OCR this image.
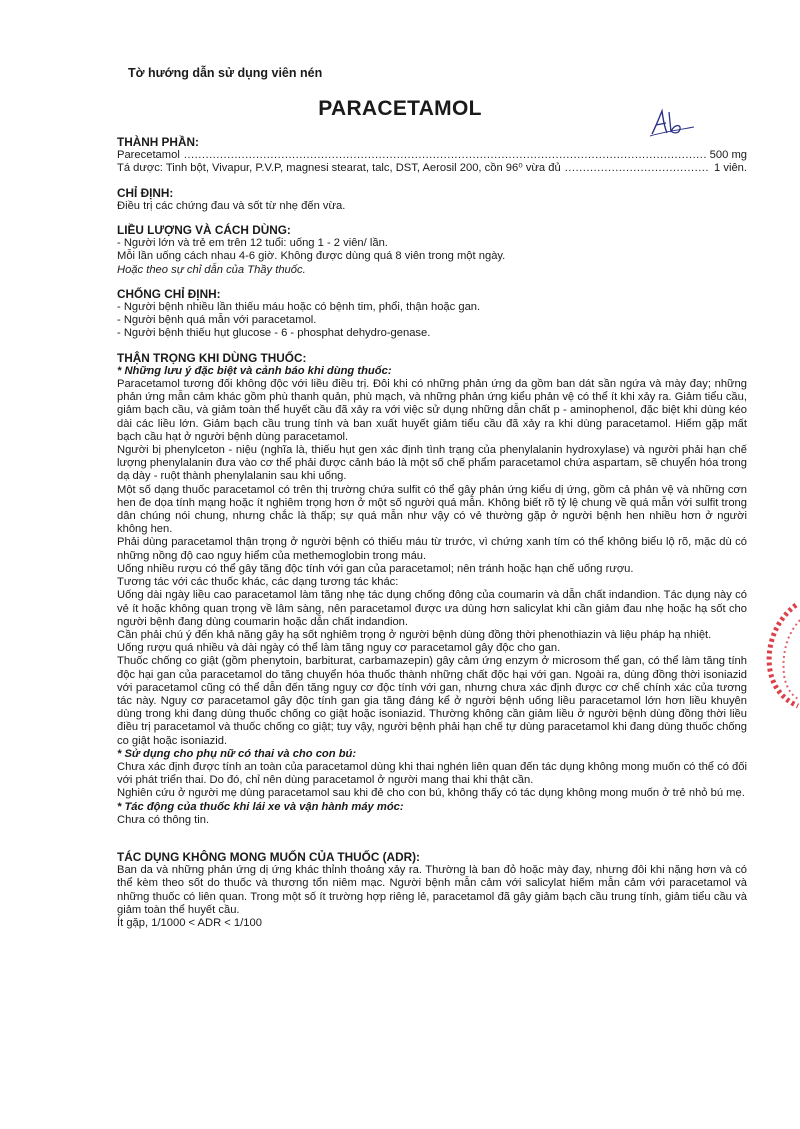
Tờ hướng dẫn sử dụng viên nén
PARACETAMOL
THÀNH PHẦN:
Parecetamol .....	500 mg
Tá dược: Tinh bột, Vivapur, P.V.P, magnesi stearat, talc, DST, Aerosil 200, cồn 96⁰ vừa đủ .....	1 viên.
CHỈ ĐỊNH:

Điều trị các chứng đau và sốt từ nhẹ đến vừa.

LIỀU LƯỢNG VÀ CÁCH DÙNG:

- Người lớn và trẻ em trên 12 tuổi: uống 1 - 2 viên/ lần.

Mỗi lần uống cách nhau 4-6 giờ. Không được dùng quá 8 viên trong một ngày.

Hoặc theo sự chỉ dẫn của Thầy thuốc.

CHỐNG CHỈ ĐỊNH:

- Người bệnh nhiều lần thiếu máu hoặc có bệnh tim, phổi, thận hoặc gan.

- Người bệnh quá mẫn với paracetamol.

- Người bệnh thiếu hụt glucose - 6 - phosphat dehydro-genase.

THẬN TRỌNG KHI DÙNG THUỐC:
* Những lưu ý đặc biệt và cảnh báo khi dùng thuốc:

Paracetamol tương đối không độc với liều điều trị. Đôi khi có những phản ứng da gồm ban dát sần ngứa và mày đay; những phản ứng mẫn cảm khác gồm phù thanh quản, phù mạch, và những phản ứng kiểu phản vệ có thể ít khi xảy ra. Giảm tiểu cầu, giảm bạch cầu, và giảm toàn thể huyết cầu đã xảy ra với việc sử dụng những dẫn chất p - aminophenol, đặc biệt khi dùng kéo dài các liều lớn. Giảm bạch cầu trung tính và ban xuất huyết giảm tiểu cầu đã xảy ra khi dùng paracetamol. Hiếm gặp mất bạch cầu hạt ở người bệnh dùng paracetamol.

Người bị phenylceton - niệu (nghĩa là, thiếu hụt gen xác định tình trạng của phenylalanin hydroxylase) và người phải hạn chế lượng phenylalanin đưa vào cơ thể phải được cảnh báo là một số chế phẩm paracetamol chứa aspartam, sẽ chuyển hóa trong dạ dày - ruột thành phenylalanin sau khi uống.

Một số dạng thuốc paracetamol có trên thị trường chứa sulfit có thể gây phản ứng kiểu dị ứng, gồm cả phản vệ và những cơn hen đe dọa tính mạng hoặc ít nghiêm trọng hơn ở một số người quá mẫn. Không biết rõ tỷ lệ chung về quá mẫn với sulfit trong dân chúng nói chung, nhưng chắc là thấp; sự quá mẫn như vậy có vẻ thường gặp ở người bệnh hen nhiều hơn ở người không hen.

Phải dùng paracetamol thận trọng ở người bệnh có thiếu máu từ trước, vì chứng xanh tím có thể không biểu lộ rõ, mặc dù có những nồng độ cao nguy hiểm của methemoglobin trong máu.

Uống nhiều rượu có thể gây tăng độc tính với gan của paracetamol; nên tránh hoặc hạn chế uống rượu.

Tương tác với các thuốc khác, các dạng tương tác khác:

Uống dài ngày liều cao paracetamol làm tăng nhẹ tác dụng chống đông của coumarin và dẫn chất indandion. Tác dụng này có vẻ ít hoặc không quan trọng về lâm sàng, nên paracetamol được ưa dùng hơn salicylat khi cần giảm đau nhẹ hoặc hạ sốt cho người bệnh đang dùng coumarin hoặc dẫn chất indandion.

Cần phải chú ý đến khả năng gây hạ sốt nghiêm trọng ở người bệnh dùng đồng thời phenothiazin và liệu pháp hạ nhiệt.

Uống rượu quá nhiều và dài ngày có thể làm tăng nguy cơ paracetamol gây độc cho gan.

Thuốc chống co giật (gồm phenytoin, barbiturat, carbamazepin) gây cảm ứng enzym ở microsom thể gan, có thể làm tăng tính độc hại gan của paracetamol do tăng chuyển hóa thuốc thành những chất độc hại với gan. Ngoài ra, dùng đồng thời isoniazid với paracetamol cũng có thể dẫn đến tăng nguy cơ độc tính với gan, nhưng chưa xác định được cơ chế chính xác của tương tác này. Nguy cơ paracetamol gây độc tính gan gia tăng đáng kể ở người bệnh uống liều paracetamol lớn hơn liều khuyên dùng trong khi đang dùng thuốc chống co giật hoặc isoniazid. Thường không cần giảm liều ở người bệnh dùng đồng thời liều điều trị paracetamol và thuốc chống co giật; tuy vậy, người bệnh phải hạn chế tự dùng paracetamol khi đang dùng thuốc chống co giật hoặc isoniazid.

* Sử dụng cho phụ nữ có thai và cho con bú:

Chưa xác định được tính an toàn của paracetamol dùng khi thai nghén liên quan đến tác dụng không mong muốn có thể có đối với phát triển thai. Do đó, chỉ nên dùng paracetamol ở người mang thai khi thật cần.

Nghiên cứu ở người mẹ dùng paracetamol sau khi đẻ cho con bú, không thấy có tác dụng không mong muốn ở trẻ nhỏ bú mẹ.

* Tác động của thuốc khi lái xe và vận hành máy móc:

Chưa có thông tin.

TÁC DỤNG KHÔNG MONG MUỐN CỦA THUỐC (ADR):

Ban da và những phản ứng dị ứng khác thỉnh thoảng xảy ra. Thường là ban đỏ hoặc mày đay, nhưng đôi khi nặng hơn và có thể kèm theo sốt do thuốc và thương tổn niêm mạc. Người bệnh mẫn cảm với salicylat hiếm mẫn cảm với paracetamol và những thuốc có liên quan. Trong một số ít trường hợp riêng lẻ, paracetamol đã gây giảm bạch cầu trung tính, giảm tiểu cầu và giảm toàn thể huyết cầu.

Ít gặp, 1/1000 < ADR < 1/100
